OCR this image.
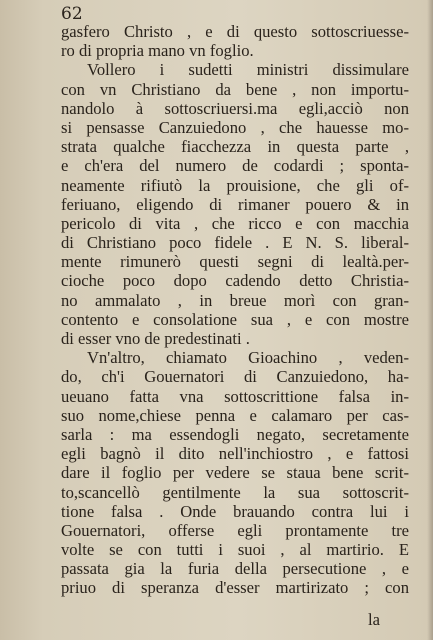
62
gasfero Christo , e di questo sottoscriuesse-
ro di propria mano vn foglio.
Vollero i sudetti ministri dissimulare
con vn Christiano da bene , non importu-
nandolo à sottoscriuersi.ma egli,acciò non
si pensasse Canzuiedono , che hauesse mo-
strata qualche fiacchezza in questa parte ,
e ch'era del numero de codardi ; sponta-
neamente rifiutò la prouisione, che gli of-
feriuano, eligendo di rimaner pouero & in
pericolo di vita , che ricco e con macchia
di Christiano poco fidele . E N. S. liberal-
mente rimunerò questi segni di lealtà.per-
cioche poco dopo cadendo detto Christia-
no ammalato , in breue morì con gran-
contento e consolatione sua , e con mostre
di esser vno de predestinati .
Vn'altro, chiamato Gioachino , veden-
do, ch'i Gouernatori di Canzuiedono, ha-
ueuano fatta vna sottoscrittione falsa in-
suo nome,chiese penna e calamaro per cas-
sarla : ma essendogli negato, secretamente
egli bagnò il dito nell'inchiostro , e fattosi
dare il foglio per vedere se staua bene scrit-
to,scancellò gentilmente la sua sottoscrit-
tione falsa . Onde brauando contra lui i
Gouernatori, offerse egli prontamente tre
volte se con tutti i suoi , al martirio. E
passata gia la furia della persecutione , e
priuo di speranza d'esser martirizato ; con
la
